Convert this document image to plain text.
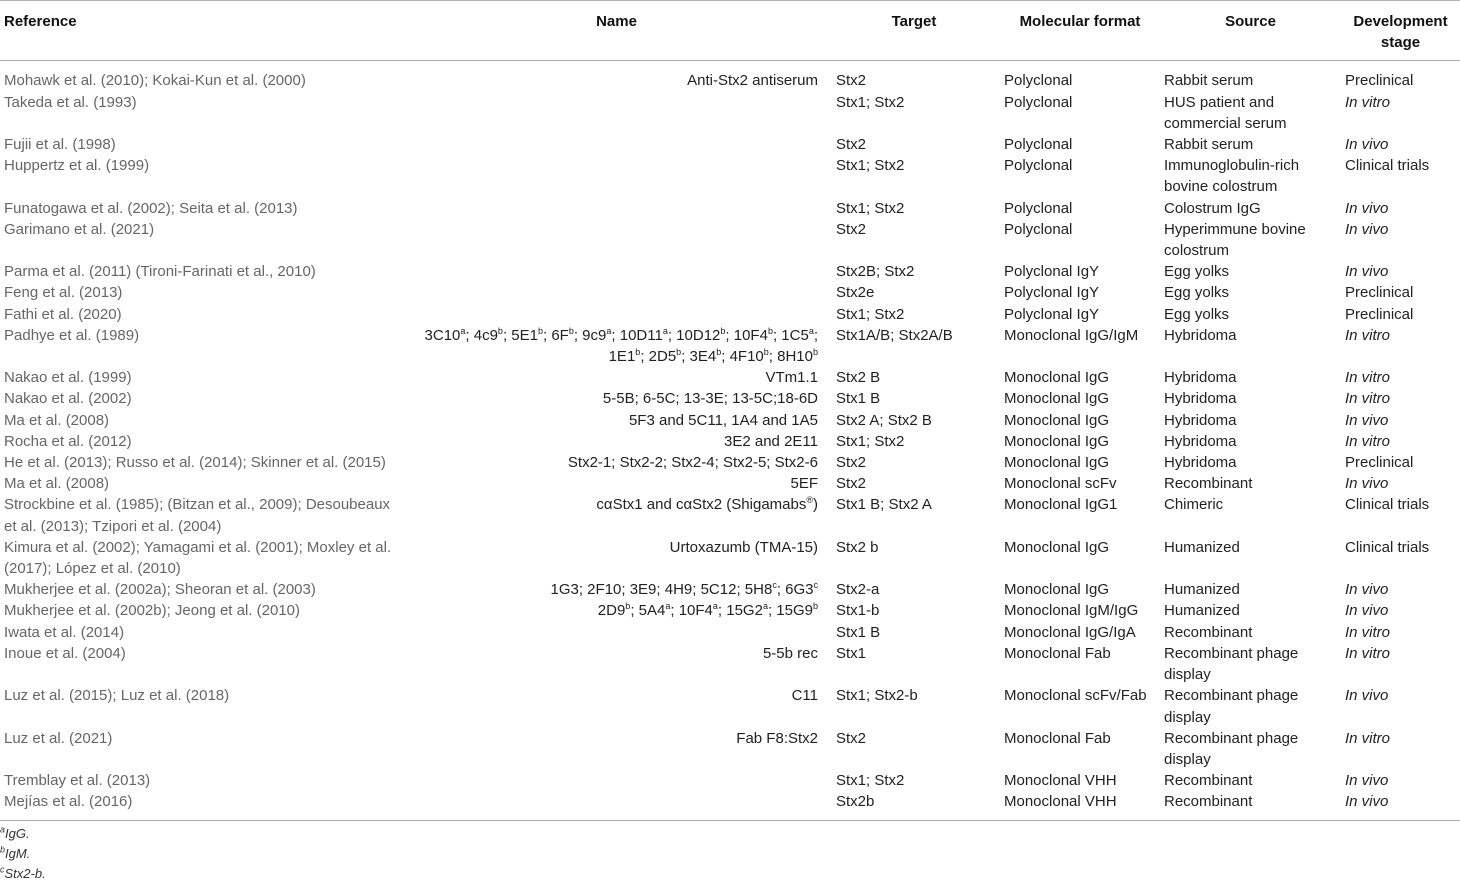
Reference	Name	Target	Molecular format	Source	Development stage
Mohawk et al. (2010); Kokai-Kun et al. (2000)	Anti-Stx2 antiserum	Stx2	Polyclonal	Rabbit serum	Preclinical
Takeda et al. (1993)		Stx1; Stx2	Polyclonal	HUS patient and commercial serum	In vitro
Fujii et al. (1998)		Stx2	Polyclonal	Rabbit serum	In vivo
Huppertz et al. (1999)		Stx1; Stx2	Polyclonal	Immunoglobulin-rich bovine colostrum	Clinical trials
Funatogawa et al. (2002); Seita et al. (2013)		Stx1; Stx2	Polyclonal	Colostrum IgG	In vivo
Garimano et al. (2021)		Stx2	Polyclonal	Hyperimmune bovine colostrum	In vivo
Parma et al. (2011) (Tironi-Farinati et al., 2010)		Stx2B; Stx2	Polyclonal IgY	Egg yolks	In vivo
Feng et al. (2013)		Stx2e	Polyclonal IgY	Egg yolks	Preclinical
Fathi et al. (2020)		Stx1; Stx2	Polyclonal IgY	Egg yolks	Preclinical
Padhye et al. (1989)	3C10$^a$; 4c9$^b$; 5E1$^b$; $6F^b$; 9c9$^a$; 10D11$^a$; 10D12$^b$; 10F4$^b$; 1C5$^a$; 1E1$^b$; 2D5$^b$; 3E4$^b$; 4F10$^b$; 8H10$^b$	Stx1A/B; Stx2A/B	Monoclonal IgG/IgM	Hybridoma	In vitro
Nakao et al. (1999)	VTm1.1	Stx2 B	Monoclonal IgG	Hybridoma	In vitro
Nakao et al. (2002)	5-5B; 6-5C; 13-3E; 13-5C;18-6D	Stx1 B	Monoclonal IgG	Hybridoma	In vitro
Ma et al. (2008)	5F3 and 5C11, 1A4 and 1A5	Stx2 A; Stx2 B	Monoclonal IgG	Hybridoma	In vivo
Rocha et al. (2012)	3E2 and 2E11	Stx1; Stx2	Monoclonal IgG	Hybridoma	In vitro
He et al. (2013); Russo et al. (2014); Skinner et al. (2015)	Stx2-1; Stx2-2; Stx2-4; Stx2-5; Stx2-6	Stx2	Monoclonal IgG	Hybridoma	Preclinical
Ma et al. (2008)	5EF	Stx2	Monoclonal scFv	Recombinant	In vivo
Strockbine et al. (1985); (Bitzan et al., 2009); Desoubeaux et al. (2013); Tzipori et al. (2004)	cαStx1 and cαStx2 (Shigamabs®)	Stx1 B; Stx2 A	Monoclonal IgG1	Chimeric	Clinical trials
Kimura et al. (2002); Yamagami et al. (2001); Moxley et al. (2017); López et al. (2010)	Urtoxazumb (TMA-15)	Stx2 b	Monoclonal IgG	Humanized	Clinical trials
Mukherjee et al. (2002a); Sheoran et al. (2003)	1G3; 2F10; 3E9; 4H9; 5C12; 5H8$^c$; 6G3$^c$	Stx2-a	Monoclonal IgG	Humanized	In vivo
Mukherjee et al. (2002b); Jeong et al. (2010)	2D9$^b$; 5A4$^a$; 10F4$^a$; 15G2$^a$; 15G9$^b$	Stx1-b	Monoclonal IgM/IgG	Humanized	In vivo
Iwata et al. (2014)		Stx1 B	Monoclonal IgG/IgA	Recombinant	In vitro
Inoue et al. (2004)	5-5b rec	Stx1	Monoclonal Fab	Recombinant phage display	In vitro
Luz et al. (2015); Luz et al. (2018)	C11	Stx1; Stx2-b	Monoclonal scFv/Fab	Recombinant phage display	In vivo
Luz et al. (2021)	Fab F8:Stx2	Stx2	Monoclonal Fab	Recombinant phage display	In vitro
Tremblay et al. (2013)		Stx1; Stx2	Monoclonal VHH	Recombinant	In vivo
Mejías et al. (2016)		Stx2b	Monoclonal VHH	Recombinant	In vivo
$^a$IgG.
$^b$IgM.
$^c$Stx2-b.
